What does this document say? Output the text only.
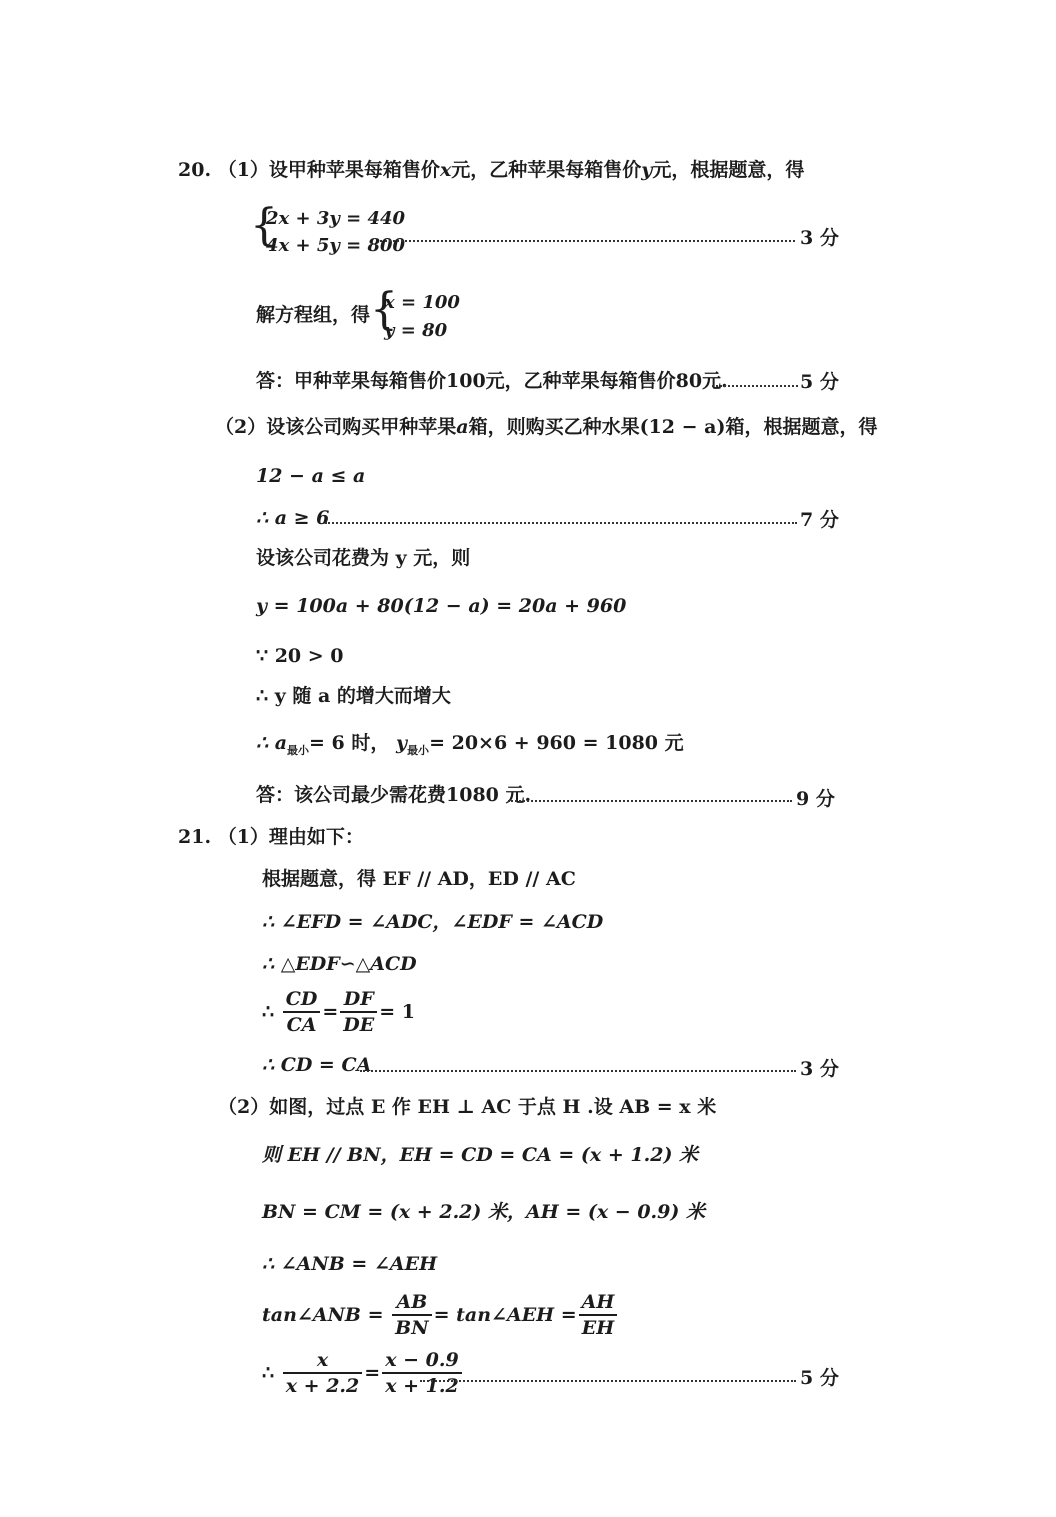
20. （1）设甲种苹果每箱售价x元，乙种苹果每箱售价y元，根据题意，得
{
2x + 3y = 440
4x + 5y = 800	3 分
解方程组，得 {
x = 100
y = 80
答：甲种苹果每箱售价100元，乙种苹果每箱售价80元.	5 分
（2）设该公司购买甲种苹果a箱，则购买乙种水果(12 − a)箱，根据题意，得
12 − a ≤ a
∴ a ≥ 6	7 分
设该公司花费为 y 元，则
y = 100a + 80(12 − a) = 20a + 960
∵ 20 > 0
∴ y 随 a 的增大而增大
∴ $a_{最小}= 6$ 时， $y_{最小}= 20\times 6 + 960 = 1080$ 元
答：该公司最少需花费1080 元.	9 分
21. （1）理由如下：
根据题意，得 EF // AD，ED // AC
∴ ∠EFD = ∠ADC，∠EDF = ∠ACD
∴ △EDF∽△ACD
∴ $\frac{CD}{CA} = \frac{DF}{DE} = 1$
∴ CD = CA	3 分
（2）如图，过点 E 作 EH ⊥ AC 于点 H .设 AB = x 米
则 EH // BN，EH = CD = CA = (x + 1.2) 米
BN = CM = (x + 2.2) 米，AH = (x − 0.9) 米
∴ ∠ANB = ∠AEH
tan∠ANB = $\frac{AB}{BN}$ = tan∠AEH = $\frac{AH}{EH}$
∴ $\frac{x}{x + 2.2} = \frac{x - 0.9}{x + 1.2}$	5 分
